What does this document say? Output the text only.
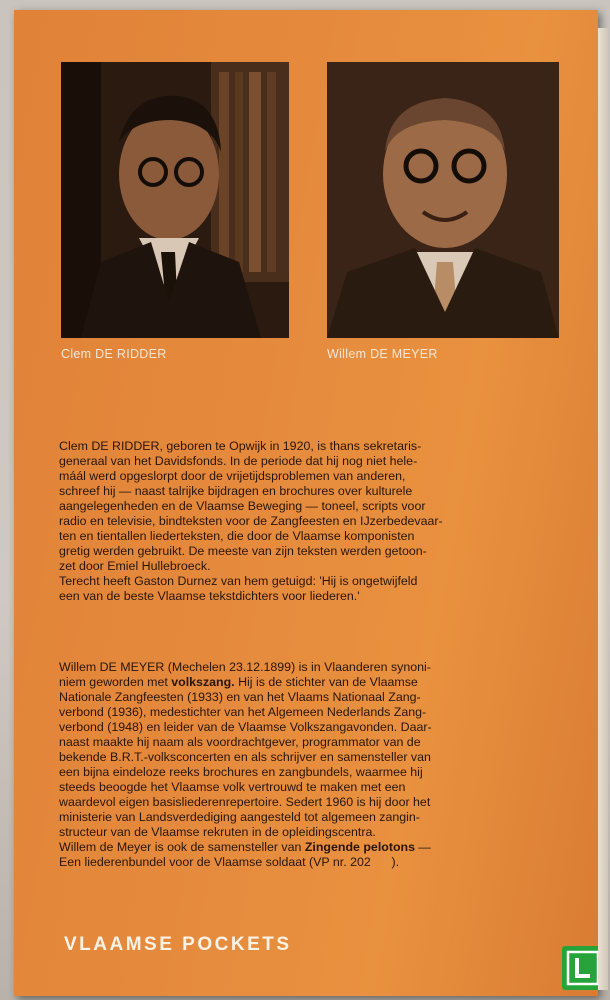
Clem DE RIDDER	Willem DE MEYER
Clem DE RIDDER, geboren te Opwijk in 1920, is thans sekretaris-
generaal van het Davidsfonds. In de periode dat hij nog niet hele-
máál werd opgeslorpt door de vrijetijdsproblemen van anderen,
schreef hij — naast talrijke bijdragen en brochures over kulturele
aangelegenheden en de Vlaamse Beweging — toneel, scripts voor
radio en televisie, bindteksten voor de Zangfeesten en IJzerbedevaar-
ten en tientallen liederteksten, die door de Vlaamse komponisten
gretig werden gebruikt. De meeste van zijn teksten werden getoon-
zet door Emiel Hullebroeck.
Terecht heeft Gaston Durnez van hem getuigd: 'Hij is ongetwijfeld
een van de beste Vlaamse tekstdichters voor liederen.'
Willem DE MEYER (Mechelen 23.12.1899) is in Vlaanderen synoni-
niem geworden met volkszang. Hij is de stichter van de Vlaamse
Nationale Zangfeesten (1933) en van het Vlaams Nationaal Zang-
verbond (1936), medestichter van het Algemeen Nederlands Zang-
verbond (1948) en leider van de Vlaamse Volkszangavonden. Daar-
naast maakte hij naam als voordrachtgever, programmator van de
bekende B.R.T.-volksconcerten en als schrijver en samensteller van
een bijna eindeloze reeks brochures en zangbundels, waarmee hij
steeds beoogde het Vlaamse volk vertrouwd te maken met een
waardevol eigen basisliederenrepertoire. Sedert 1960 is hij door het
ministerie van Landsverdediging aangesteld tot algemeen zangin-
structeur van de Vlaamse rekruten in de opleidingscentra.
Willem de Meyer is ook de samensteller van Zingende pelotons —
Een liederenbundel voor de Vlaamse soldaat (VP nr. 202      ).
VLAAMSE POCKETS
